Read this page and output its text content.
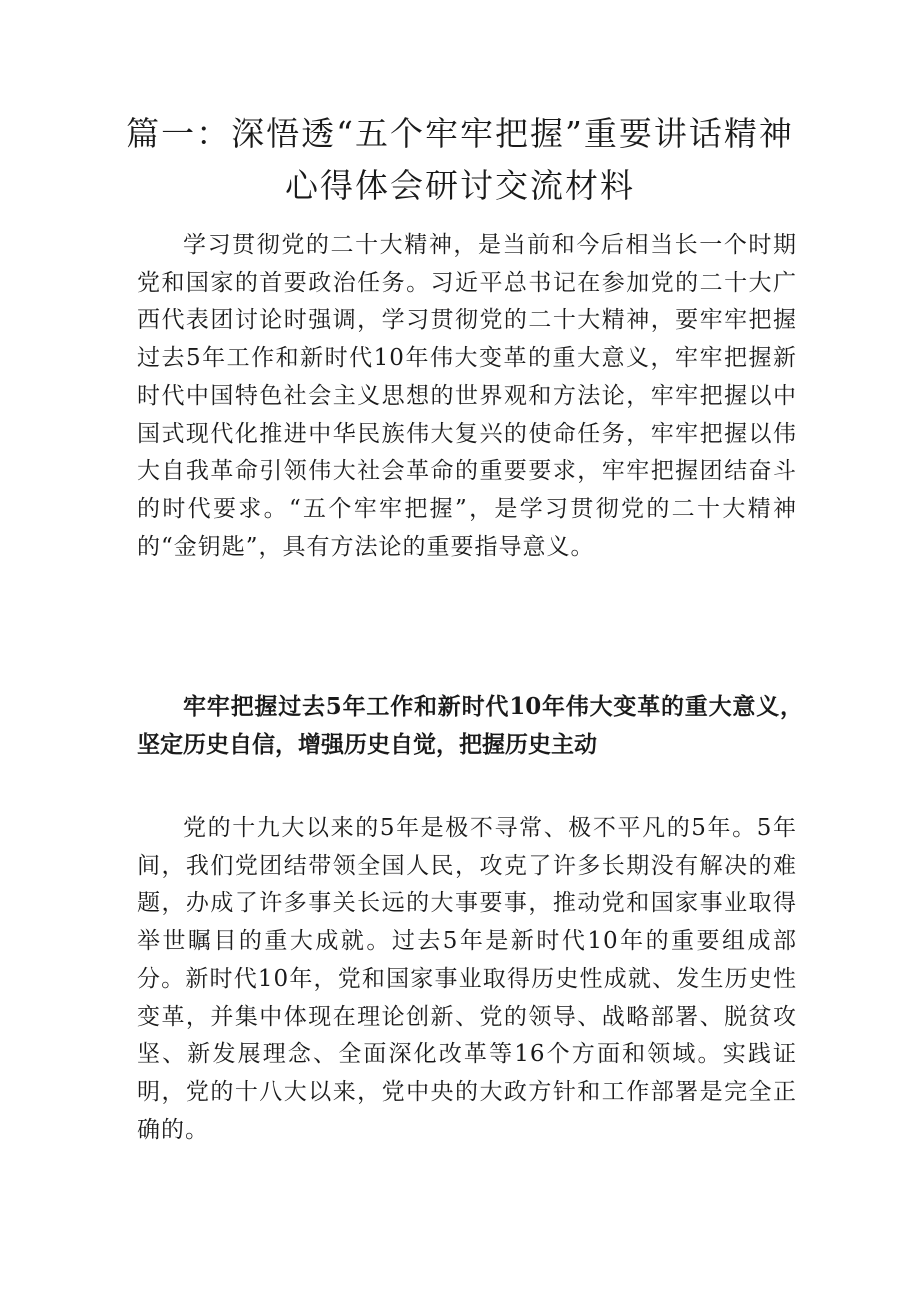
篇一：深悟透“五个牢牢把握”重要讲话精神心得体会研讨交流材料

学习贯彻党的二十大精神，是当前和今后相当长一个时期党和国家的首要政治任务。习近平总书记在参加党的二十大广西代表团讨论时强调，学习贯彻党的二十大精神，要牢牢把握过去5年工作和新时代10年伟大变革的重大意义，牢牢把握新时代中国特色社会主义思想的世界观和方法论，牢牢把握以中国式现代化推进中华民族伟大复兴的使命任务，牢牢把握以伟大自我革命引领伟大社会革命的重要要求，牢牢把握团结奋斗的时代要求。“五个牢牢把握”，是学习贯彻党的二十大精神的“金钥匙”，具有方法论的重要指导意义。

牢牢把握过去5年工作和新时代10年伟大变革的重大意义，坚定历史自信，增强历史自觉，把握历史主动

党的十九大以来的5年是极不寻常、极不平凡的5年。5年间，我们党团结带领全国人民，攻克了许多长期没有解决的难题，办成了许多事关长远的大事要事，推动党和国家事业取得举世瞩目的重大成就。过去5年是新时代10年的重要组成部分。新时代10年，党和国家事业取得历史性成就、发生历史性变革，并集中体现在理论创新、党的领导、战略部署、脱贫攻坚、新发展理念、全面深化改革等16个方面和领域。实践证明，党的十八大以来，党中央的大政方针和工作部署是完全正确的。
